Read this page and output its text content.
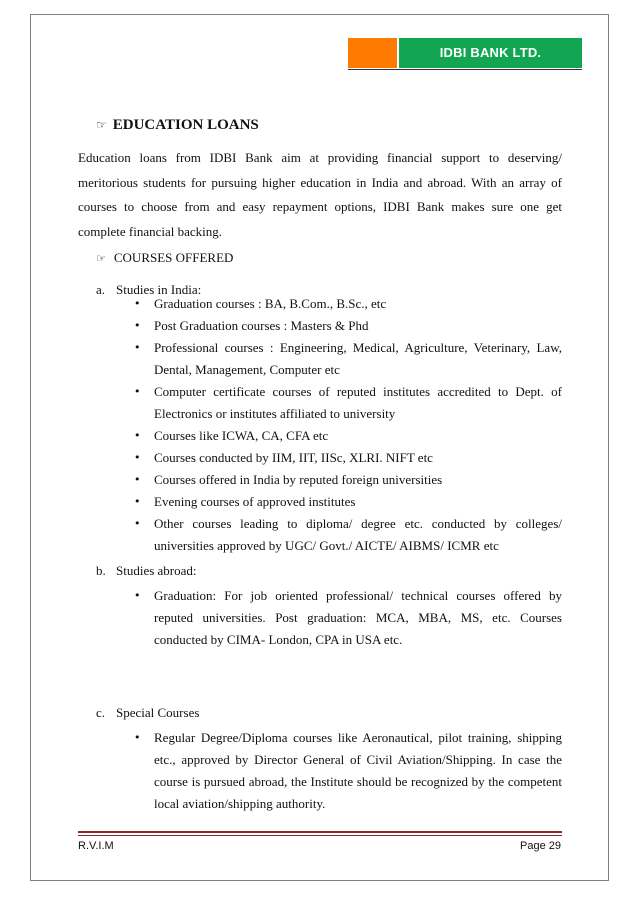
IDBI BANK LTD.
☞ EDUCATION LOANS

Education loans from IDBI Bank aim at providing financial support to deserving/ meritorious students for pursuing higher education in India and abroad. With an array of courses to choose from and easy repayment options, IDBI Bank makes sure one get complete financial backing.

☞ COURSES OFFERED
a. Studies in India:
• Graduation courses : BA, B.Com., B.Sc., etc
• Post Graduation courses : Masters & Phd
• Professional courses : Engineering, Medical, Agriculture, Veterinary, Law, Dental, Management, Computer etc
• Computer certificate courses of reputed institutes accredited to Dept. of Electronics or institutes affiliated to university
• Courses like ICWA, CA, CFA etc
• Courses conducted by IIM, IIT, IISc, XLRI. NIFT etc
• Courses offered in India by reputed foreign universities
• Evening courses of approved institutes
• Other courses leading to diploma/ degree etc. conducted by colleges/ universities approved by UGC/ Govt./ AICTE/ AIBMS/ ICMR etc
b. Studies abroad:
• Graduation: For job oriented professional/ technical courses offered by reputed universities. Post graduation: MCA, MBA, MS, etc. Courses conducted by CIMA- London, CPA in USA etc.
c. Special Courses
• Regular Degree/Diploma courses like Aeronautical, pilot training, shipping etc., approved by Director General of Civil Aviation/Shipping. In case the course is pursued abroad, the Institute should be recognized by the competent local aviation/shipping authority.
R.V.I.M	Page 29
